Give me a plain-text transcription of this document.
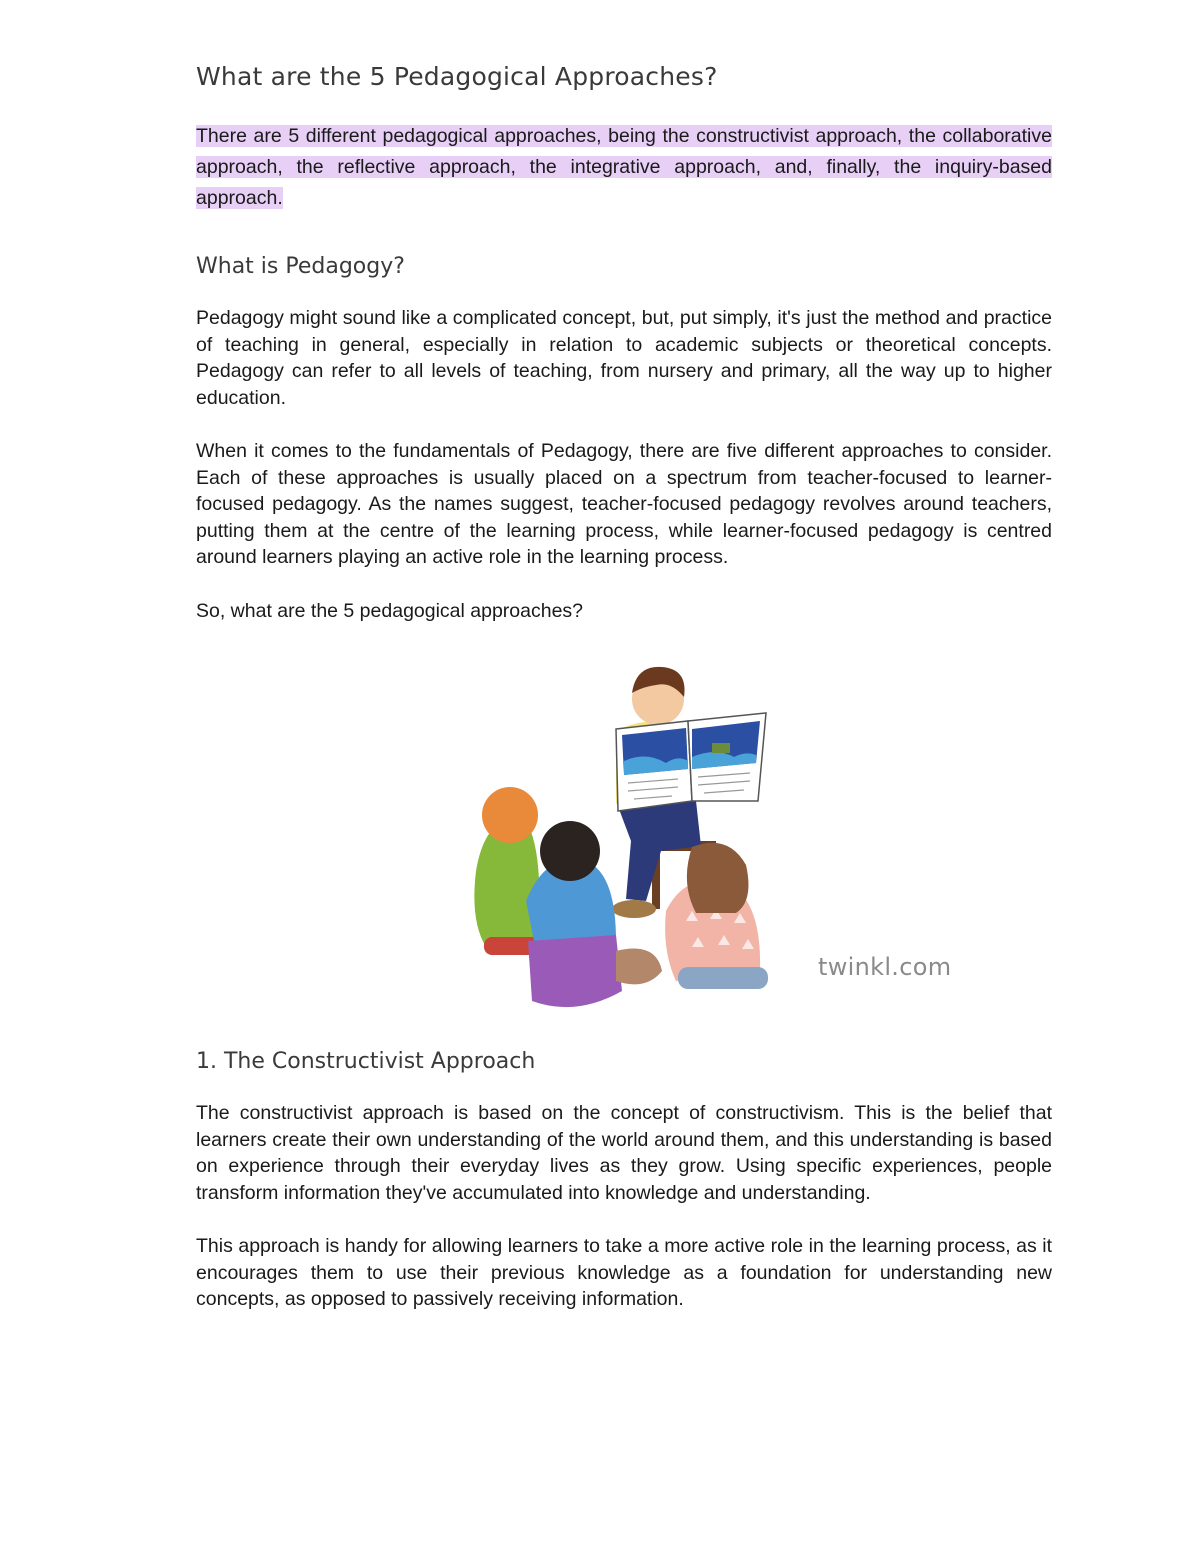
What are the 5 Pedagogical Approaches?

There are 5 different pedagogical approaches, being the constructivist approach, the collaborative approach, the reflective approach, the integrative approach, and, finally, the inquiry-based approach.

What is Pedagogy?

Pedagogy might sound like a complicated concept, but, put simply, it's just the method and practice of teaching in general, especially in relation to academic subjects or theoretical concepts. Pedagogy can refer to all levels of teaching, from nursery and primary, all the way up to higher education.

When it comes to the fundamentals of Pedagogy, there are five different approaches to consider. Each of these approaches is usually placed on a spectrum from teacher-focused to learner-focused pedagogy. As the names suggest, teacher-focused pedagogy revolves around teachers, putting them at the centre of the learning process, while learner-focused pedagogy is centred around learners playing an active role in the learning process.

So, what are the 5 pedagogical approaches?

twinkl.com
1. The Constructivist Approach

The constructivist approach is based on the concept of constructivism. This is the belief that learners create their own understanding of the world around them, and this understanding is based on experience through their everyday lives as they grow. Using specific experiences, people transform information they've accumulated into knowledge and understanding.

This approach is handy for allowing learners to take a more active role in the learning process, as it encourages them to use their previous knowledge as a foundation for understanding new concepts, as opposed to passively receiving information.
